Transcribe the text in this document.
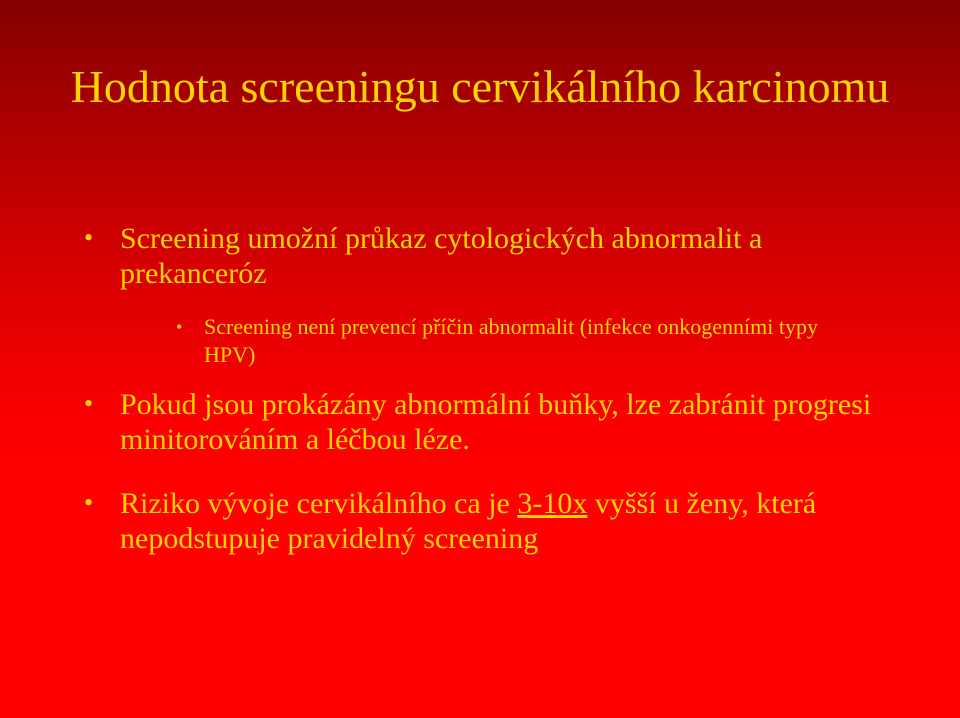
Hodnota screeningu cervikálního karcinomu
• Screening umožní průkaz cytologických abnormalit a prekanceróz
• Screening není prevencí příčin abnormalit (infekce onkogenními typy HPV)
• Pokud jsou prokázány abnormální buňky, lze zabránit progresi minitorováním a léčbou léze.
• Riziko vývoje cervikálního ca je 3-10x vyšší u ženy, která nepodstupuje pravidelný screening
